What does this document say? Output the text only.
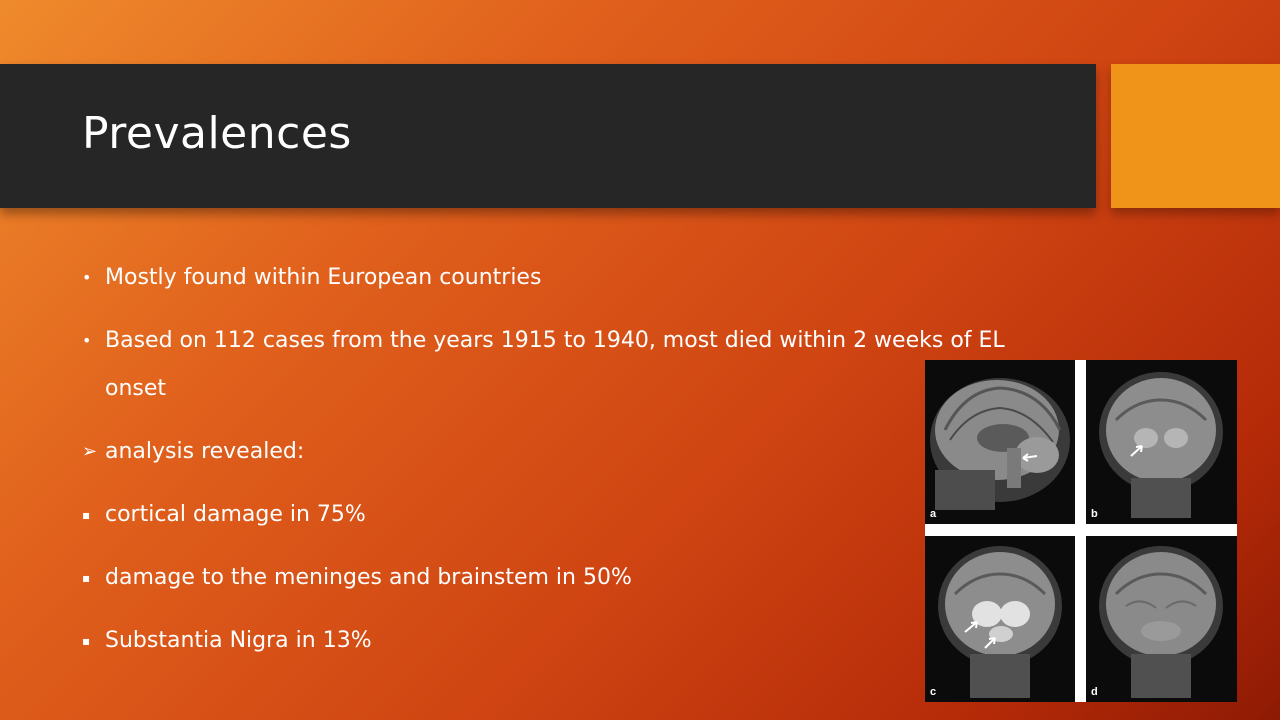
Prevalences
• Mostly found within European countries
• Based on 112 cases from the years 1915 to 1940, most died within 2 weeks of EL onset
➢ analysis revealed:
▪ cortical damage in 75%
▪ damage to the meninges and brainstem in 50%
▪ Substantia Nigra in 13%
a	b
c	d
